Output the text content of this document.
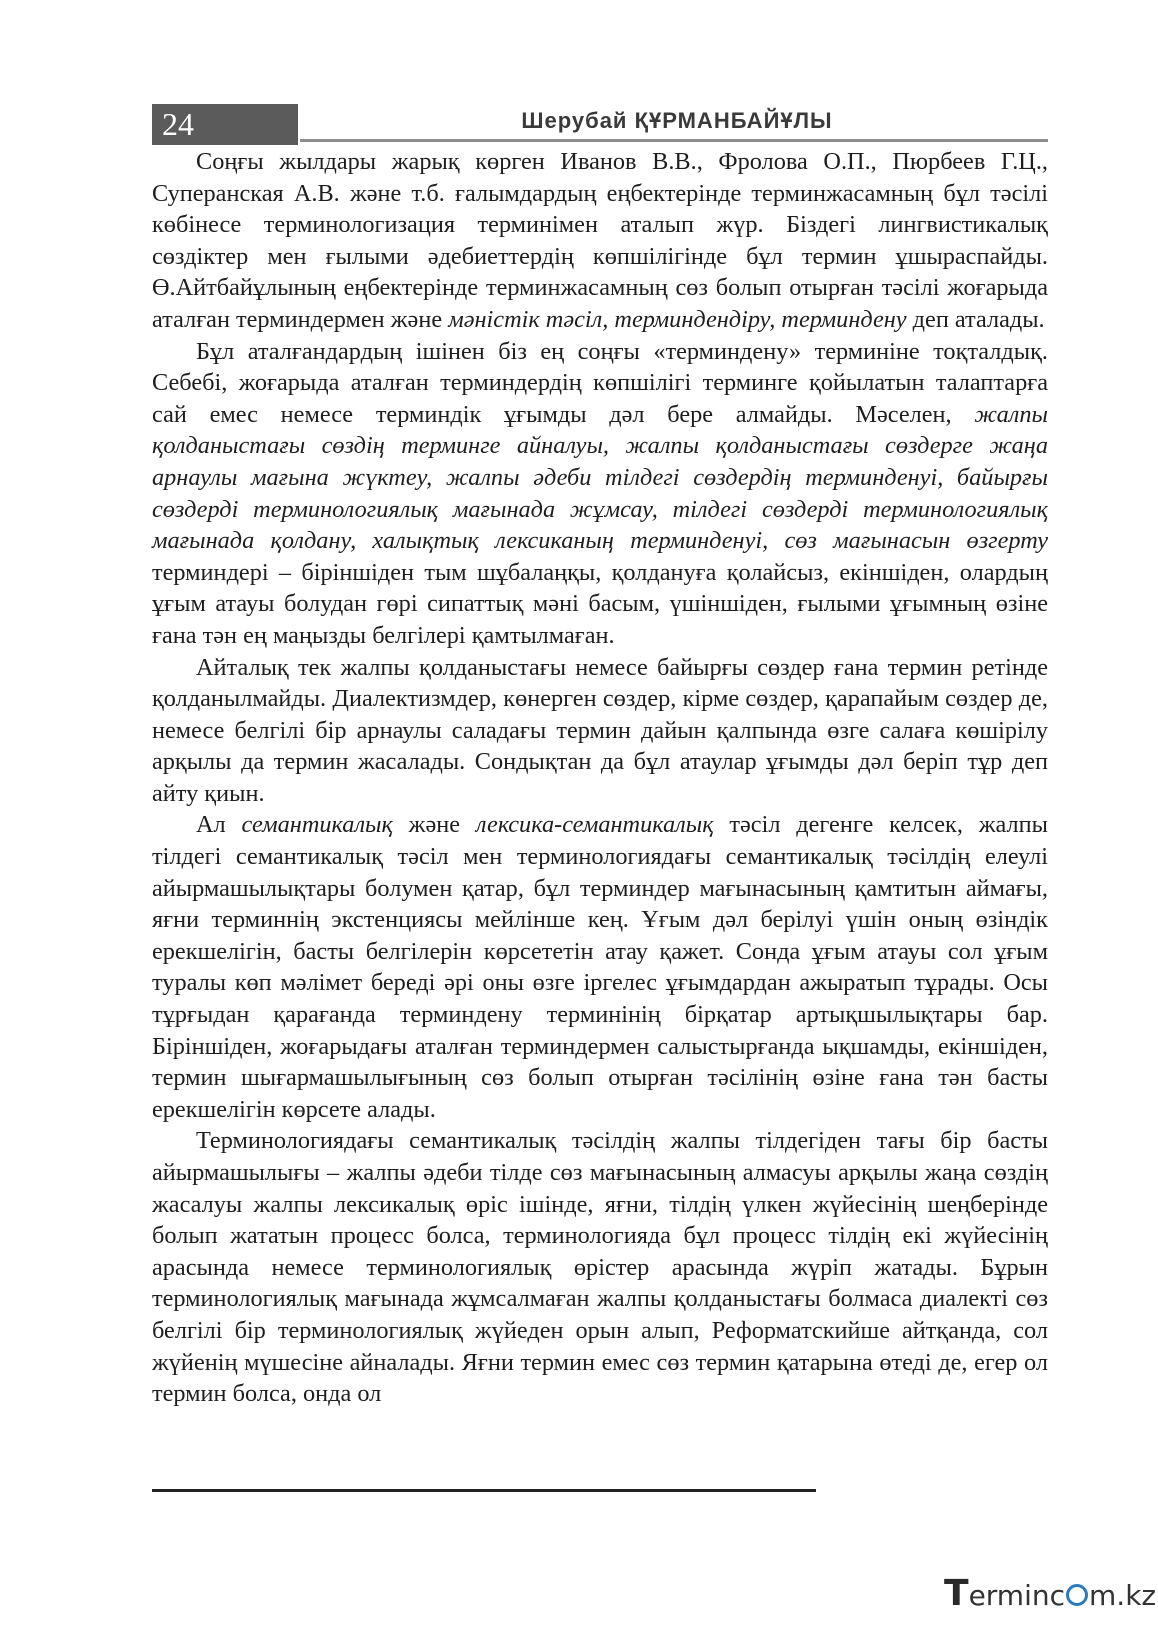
24	Шерубай ҚҰРМАНБАЙҰЛЫ

Соңғы жылдары жарық көрген Иванов В.В., Фролова О.П., Пюрбеев Г.Ц., Суперанская А.В. және т.б. ғалымдардың еңбектерінде терминжасамның бұл тәсілі көбінесе терминологизация терминімен аталып жүр. Біздегі лингвистикалық сөздіктер мен ғылыми әдебиеттердің көпшілігінде бұл термин ұшыраспайды. Ө.Айтбайұлының еңбектерінде терминжасамның сөз болып отырған тәсілі жоғарыда аталған терминдермен және мәністік тәсіл, терминдендіру, терминдену деп аталады.

Бұл аталғандардың ішінен біз ең соңғы «терминдену» терминіне тоқталдық. Себебі, жоғарыда аталған терминдердің көпшілігі терминге қойылатын талаптарға сай емес немесе терминдік ұғымды дәл бере алмайды. Мәселен, жалпы қолданыстағы сөздің терминге айналуы, жалпы қолданыстағы сөздерге жаңа арнаулы мағына жүктеу, жалпы әдеби тілдегі сөздердің терминденуі, байырғы сөздерді терминологиялық мағынада жұмсау, тілдегі сөздерді терминологиялық мағынада қолдану, халықтық лексиканың терминденуі, сөз мағынасын өзгерту терминдері – біріншіден тым шұбалаңқы, қолдануға қолайсыз, екіншіден, олардың ұғым атауы болудан гөрі сипаттық мәні басым, үшіншіден, ғылыми ұғымның өзіне ғана тән ең маңызды белгілері қамтылмаған.

Айталық тек жалпы қолданыстағы немесе байырғы сөздер ғана термин ретінде қолданылмайды. Диалектизмдер, көнерген сөздер, кірме сөздер, қарапайым сөздер де, немесе белгілі бір арнаулы саладағы термин дайын қалпында өзге салаға көшірілу арқылы да термин жасалады. Сондықтан да бұл атаулар ұғымды дәл беріп тұр деп айту қиын.

Ал семантикалық және лексика-семантикалық тәсіл дегенге келсек, жалпы тілдегі семантикалық тәсіл мен терминологиядағы семантикалық тәсілдің елеулі айырмашылықтары болумен қатар, бұл терминдер мағынасының қамтитын аймағы, яғни терминнің экстенциясы мейлінше кең. Ұғым дәл берілуі үшін оның өзіндік ерекшелігін, басты белгілерін көрсететін атау қажет. Сонда ұғым атауы сол ұғым туралы көп мәлімет береді әрі оны өзге іргелес ұғымдардан ажыратып тұрады. Осы тұрғыдан қарағанда терминдену терминінің бірқатар артықшылықтары бар. Біріншіден, жоғарыдағы аталған терминдермен салыстырғанда ықшамды, екіншіден, термин шығармашылығының сөз болып отырған тәсілінің өзіне ғана тән басты ерекшелігін көрсете алады.

Терминологиядағы семантикалық тәсілдің жалпы тілдегіден тағы бір басты айырмашылығы – жалпы әдеби тілде сөз мағынасының алмасуы арқылы жаңа сөздің жасалуы жалпы лексикалық өріс ішінде, яғни, тілдің үлкен жүйесінің шеңберінде болып жататын процесс болса, терминологияда бұл процесс тілдің екі жүйесінің арасында немесе терминологиялық өрістер арасында жүріп жатады. Бұрын терминологиялық мағынада жұмсалмаған жалпы қолданыстағы болмаса диалекті сөз белгілі бір терминологиялық жүйеден орын алып, Реформатскийше айтқанда, сол жүйенің мүшесіне айналады. Яғни термин емес сөз термин қатарына өтеді де, егер ол термин болса, онда ол

Terminc m.kz
